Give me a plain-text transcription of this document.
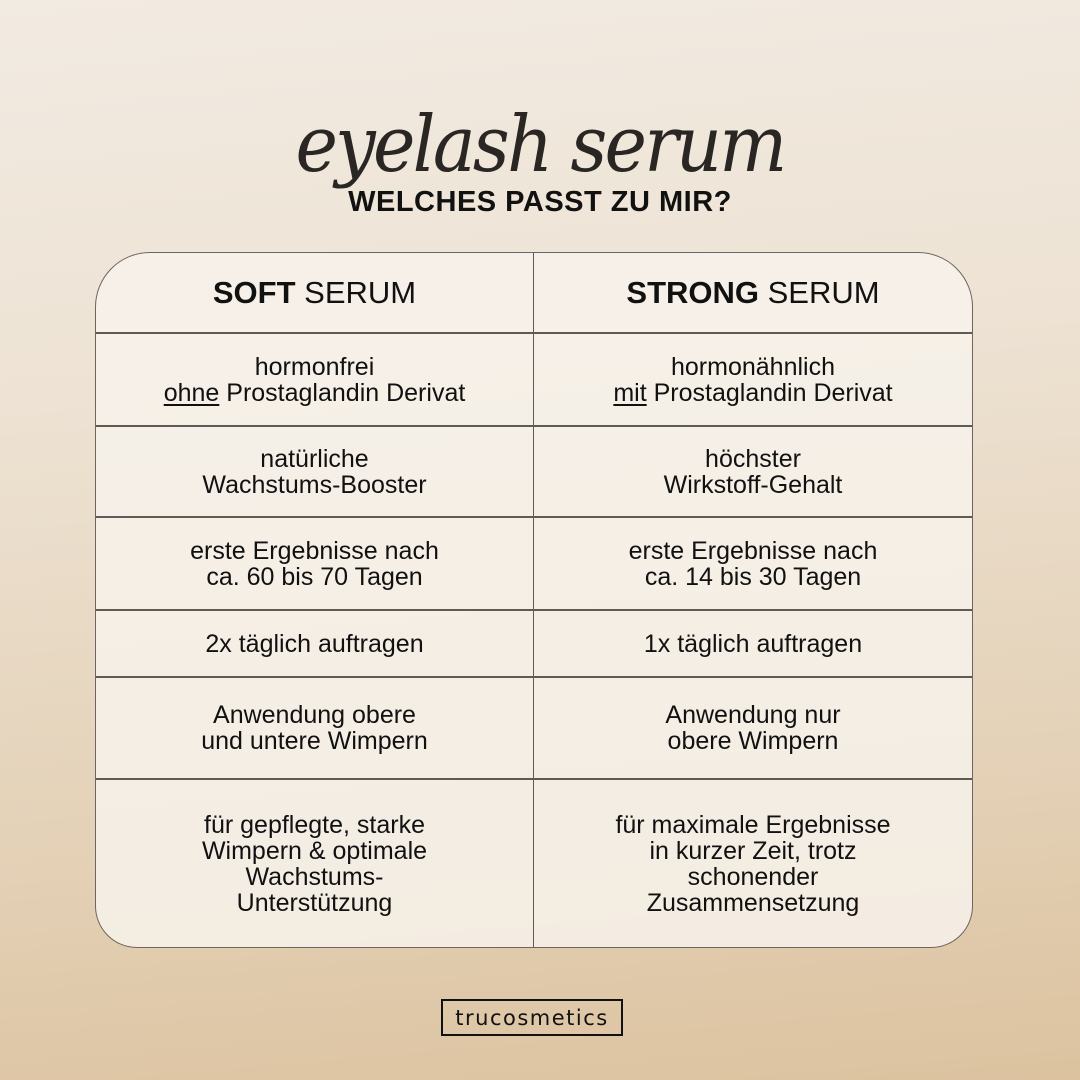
eyelash serum
WELCHES PASST ZU MIR?
SOFT SERUM	STRONG SERUM
hormonfrei
ohne Prostaglandin Derivat
hormonähnlich
mit Prostaglandin Derivat
natürliche
Wachstums-Booster
höchster
Wirkstoff-Gehalt
erste Ergebnisse nach
ca. 60 bis 70 Tagen
erste Ergebnisse nach
ca. 14 bis 30 Tagen
2x täglich auftragen	1x täglich auftragen
Anwendung obere
und untere Wimpern
Anwendung nur
obere Wimpern
für gepflegte, starke
Wimpern & optimale
Wachstums-
Unterstützung
für maximale Ergebnisse
in kurzer Zeit, trotz
schonender
Zusammensetzung
trucosmetics
